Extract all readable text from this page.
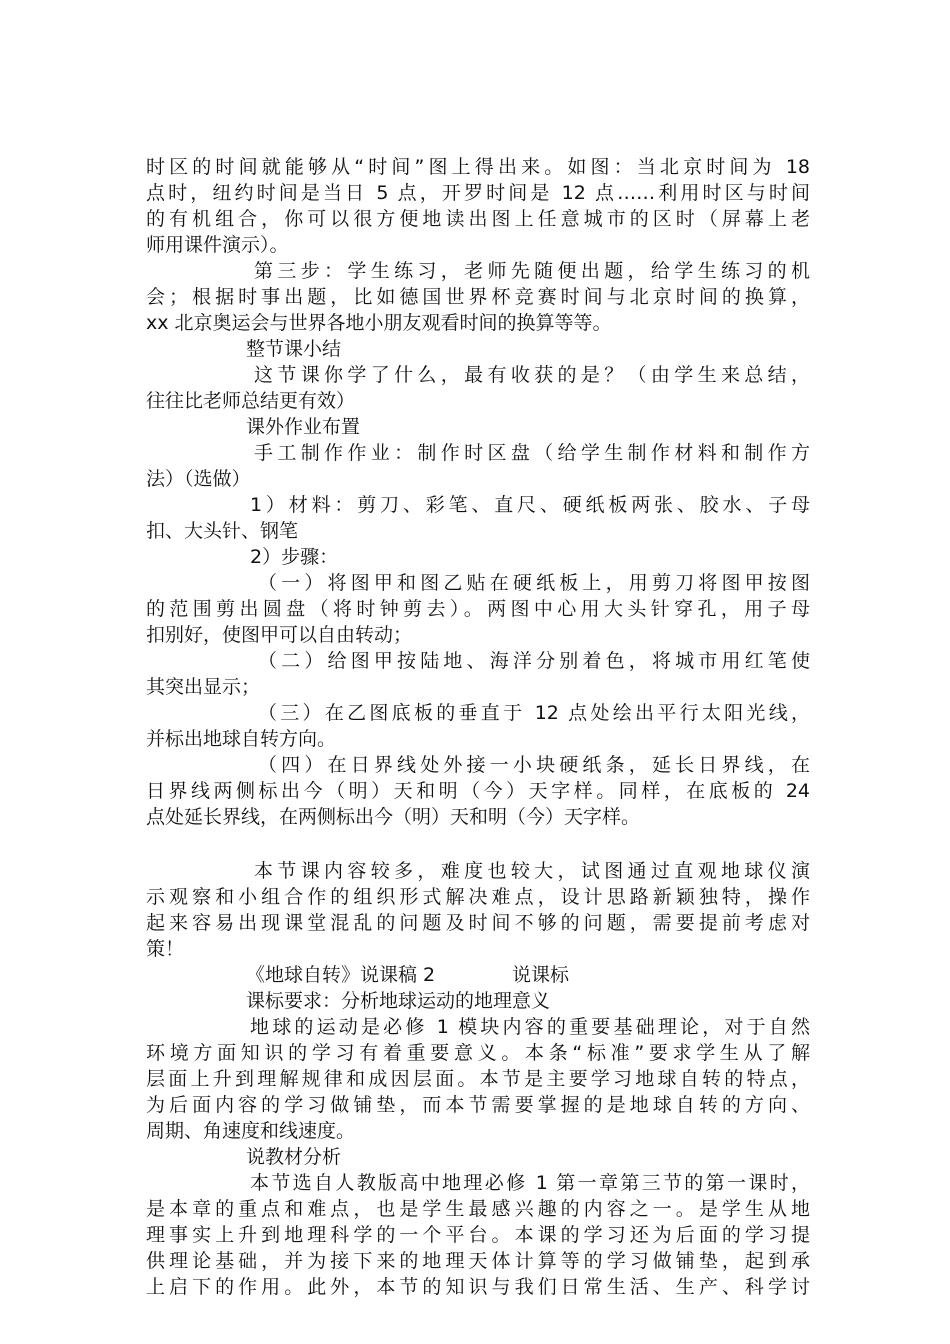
时区的时间就能够从“时间”图上得出来。如图：当北京时间为 18

点时，纽约时间是当日 5 点，开罗时间是 12 点……利用时区与时间

的有机组合，你可以很方便地读出图上任意城市的区时（屏幕上老

师用课件演示）。

第三步：学生练习，老师先随便出题，给学生练习的机

会；根据时事出题，比如德国世界杯竞赛时间与北京时间的换算，

xx 北京奥运会与世界各地小朋友观看时间的换算等等。

整节课小结

这节课你学了什么，最有收获的是？（由学生来总结，

往往比老师总结更有效）

课外作业布置

手工制作作业：制作时区盘（给学生制作材料和制作方

法）（选做）

1）材料：剪刀、彩笔、直尺、硬纸板两张、胶水、子母

扣、大头针、钢笔

2）步骤：

（一）将图甲和图乙贴在硬纸板上，用剪刀将图甲按图

的范围剪出圆盘（将时钟剪去）。两图中心用大头针穿孔，用子母

扣别好，使图甲可以自由转动；

（二）给图甲按陆地、海洋分别着色，将城市用红笔使

其突出显示；

（三）在乙图底板的垂直于 12 点处绘出平行太阳光线，

并标出地球自转方向。

（四）在日界线处外接一小块硬纸条，延长日界线，在

日界线两侧标出今（明）天和明（今）天字样。同样，在底板的 24

点处延长界线，在两侧标出今（明）天和明（今）天字样。

本节课内容较多，难度也较大，试图通过直观地球仪演

示观察和小组合作的组织形式解决难点，设计思路新颖独特，操作

起来容易出现课堂混乱的问题及时间不够的问题，需要提前考虑对

策！

《地球自转》说课稿 2	说课标

课标要求：分析地球运动的地理意义

地球的运动是必修 1 模块内容的重要基础理论，对于自然

环境方面知识的学习有着重要意义。本条“标准”要求学生从了解

层面上升到理解规律和成因层面。本节是主要学习地球自转的特点，

为后面内容的学习做铺垫，而本节需要掌握的是地球自转的方向、

周期、角速度和线速度。

说教材分析

本节选自人教版高中地理必修 1 第一章第三节的第一课时，

是本章的重点和难点，也是学生最感兴趣的内容之一。是学生从地

理事实上升到地理科学的一个平台。本课的学习还为后面的学习提

供理论基础，并为接下来的地理天体计算等的学习做铺垫，起到承

上启下的作用。此外，本节的知识与我们日常生活、生产、科学讨
